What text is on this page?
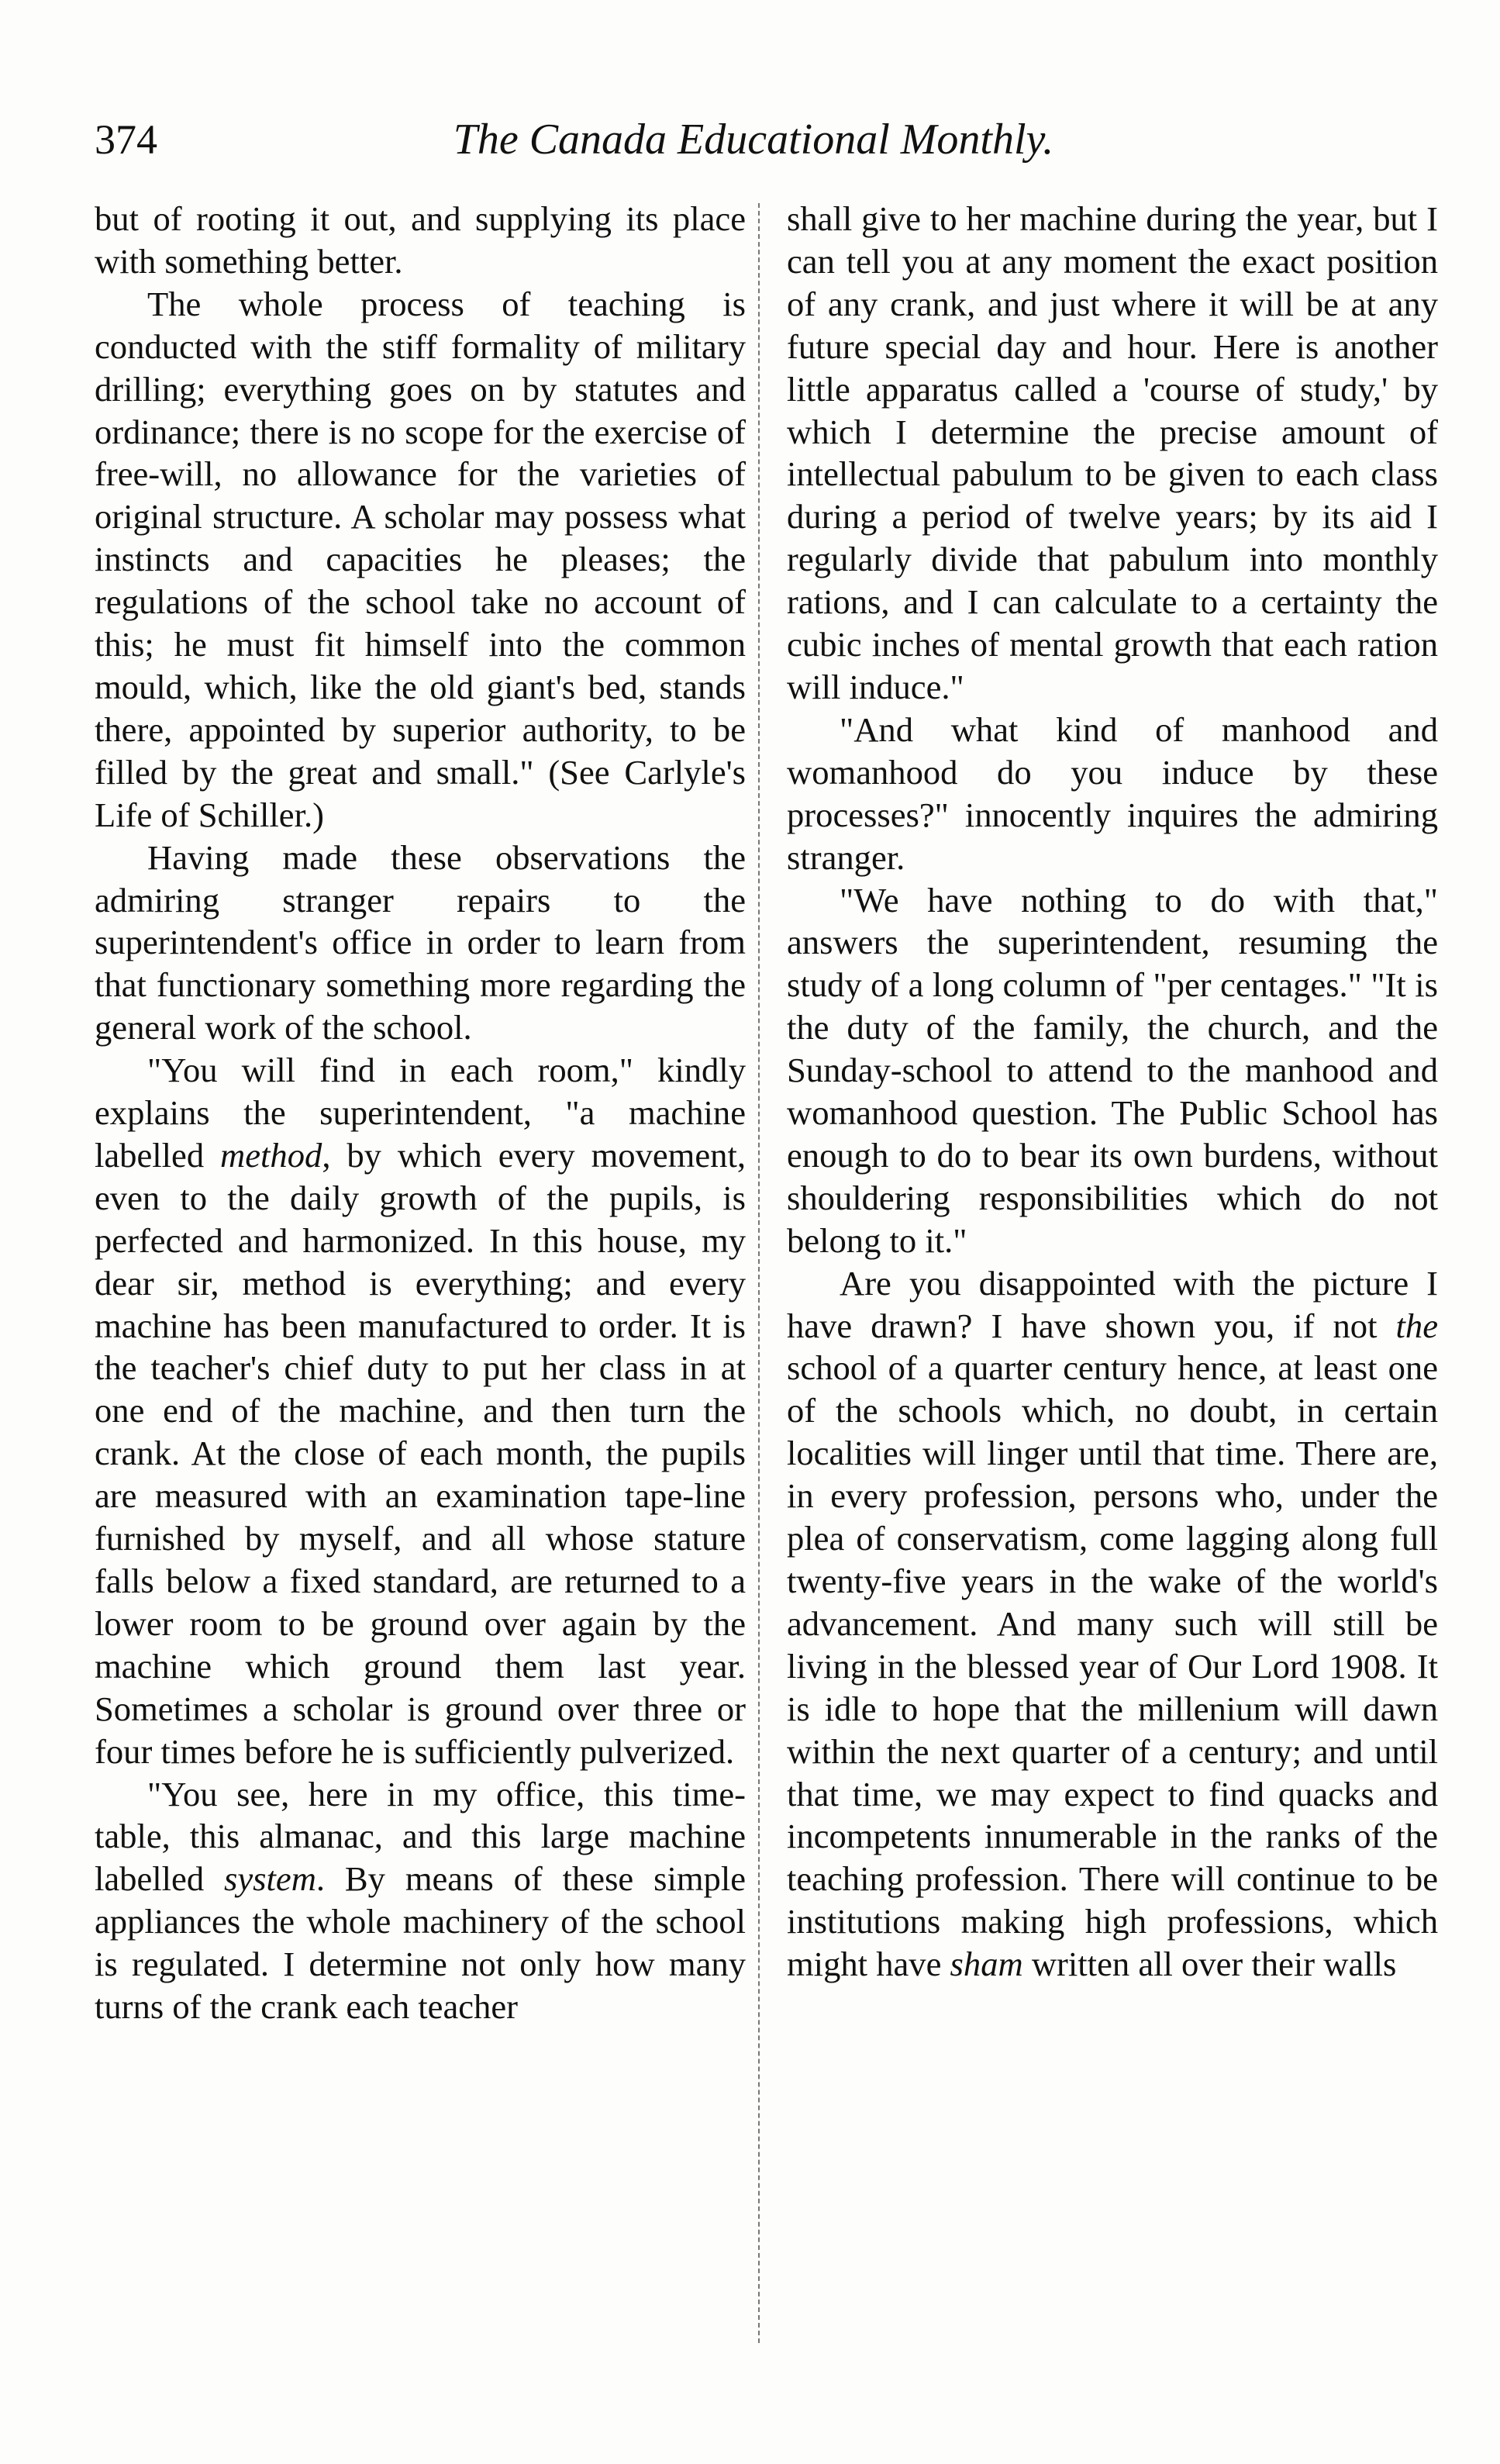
374	The Canada Educational Monthly.

but of rooting it out, and supplying its place with something better.

The whole process of teaching is conducted with the stiff formality of military drilling; everything goes on by statutes and ordinance; there is no scope for the exercise of free-will, no allowance for the varieties of original structure. A scholar may possess what instincts and capacities he pleases; the regulations of the school take no account of this; he must fit himself into the common mould, which, like the old giant's bed, stands there, appointed by superior authority, to be filled by the great and small." (See Carlyle's Life of Schiller.)

Having made these observations the admiring stranger repairs to the superintendent's office in order to learn from that functionary something more regarding the general work of the school.

"You will find in each room," kindly explains the superintendent, "a machine labelled method, by which every movement, even to the daily growth of the pupils, is perfected and harmonized. In this house, my dear sir, method is everything; and every machine has been manufactured to order. It is the teacher's chief duty to put her class in at one end of the machine, and then turn the crank. At the close of each month, the pupils are measured with an examination tape-line furnished by myself, and all whose stature falls below a fixed standard, are returned to a lower room to be ground over again by the machine which ground them last year. Sometimes a scholar is ground over three or four times before he is sufficiently pulverized.

"You see, here in my office, this time-table, this almanac, and this large machine labelled system. By means of these simple appliances the whole machinery of the school is regulated. I determine not only how many turns of the crank each teacher

shall give to her machine during the year, but I can tell you at any moment the exact position of any crank, and just where it will be at any future special day and hour. Here is another little apparatus called a 'course of study,' by which I determine the precise amount of intellectual pabulum to be given to each class during a period of twelve years; by its aid I regularly divide that pabulum into monthly rations, and I can calculate to a certainty the cubic inches of mental growth that each ration will induce."

"And what kind of manhood and womanhood do you induce by these processes?" innocently inquires the admiring stranger.

"We have nothing to do with that," answers the superintendent, resuming the study of a long column of "per centages." "It is the duty of the family, the church, and the Sunday-school to attend to the manhood and womanhood question. The Public School has enough to do to bear its own burdens, without shouldering responsibilities which do not belong to it."

Are you disappointed with the picture I have drawn? I have shown you, if not the school of a quarter century hence, at least one of the schools which, no doubt, in certain localities will linger until that time. There are, in every profession, persons who, under the plea of conservatism, come lagging along full twenty-five years in the wake of the world's advancement. And many such will still be living in the blessed year of Our Lord 1908. It is idle to hope that the millenium will dawn within the next quarter of a century; and until that time, we may expect to find quacks and incompetents innumerable in the ranks of the teaching profession. There will continue to be institutions making high professions, which might have sham written all over their walls
